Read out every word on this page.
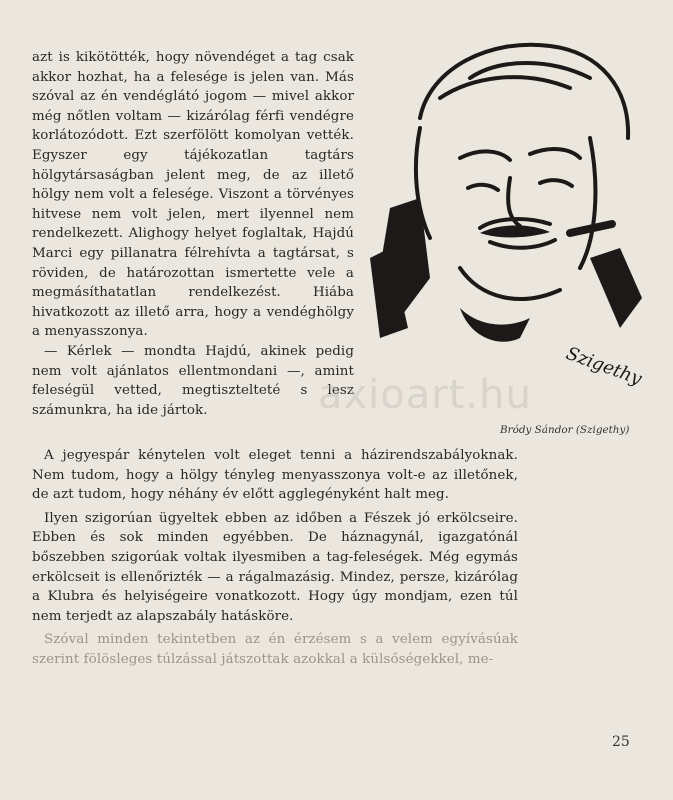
azt is kikötötték, hogy növendéget a tag csak akkor hozhat, ha a felesége is jelen van. Más szóval az én vendéglátó jogom — mivel akkor még nőtlen voltam — kizárólag férfi vendégre korlátozódott. Ezt szerfölött komolyan vették. Egyszer egy tájékozatlan tagtárs hölgytársaságban jelent meg, de az illető hölgy nem volt a felesége. Viszont a törvényes hitvese nem volt jelen, mert ilyennel nem rendelkezett. Alighogy helyet foglaltak, Hajdú Marci egy pillanatra félrehívta a tagtársat, s röviden, de határozottan ismertette vele a megmásíthatatlan rendelkezést. Hiába hivatkozott az illető arra, hogy a vendéghölgy a menyasszonya.

— Kérlek — mondta Hajdú, akinek pedig nem volt ajánlatos ellentmondani —, amint feleségül vetted, megtisztelteté s lesz számunkra, ha ide jártok.

Szigethy
Bródy Sándor (Szigethy)
axioart.hu

A jegyespár kénytelen volt eleget tenni a házirendszabályoknak. Nem tudom, hogy a hölgy tényleg menyasszonya volt-e az illetőnek, de azt tudom, hogy néhány év előtt agglegényként halt meg.

Ilyen szigorúan ügyeltek ebben az időben a Fészek jó erkölcseire. Ebben és sok minden egyébben. De háznagynál, igazgatónál bőszebben szigorúak voltak ilyesmiben a tag-feleségek. Még egymás erkölcseit is ellenőrizték — a rágalmazásig. Mindez, persze, kizárólag a Klubra és helyiségeire vonatkozott. Hogy úgy mondjam, ezen túl nem terjedt az alapszabály hatásköre.

Szóval minden tekintetben az én érzésem s a velem egyívásúak szerint fölösleges túlzással játszottak azokkal a külsőségekkel, me-

25
